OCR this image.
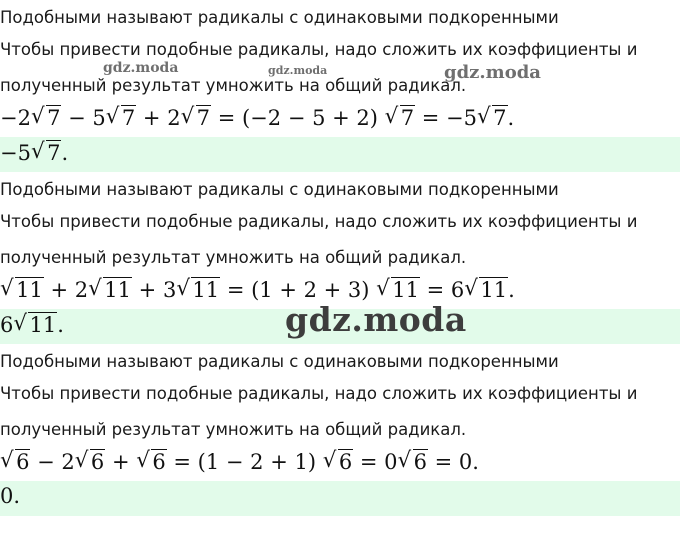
Подобными называют радикалы с одинаковыми подкоренными

Чтобы привести подобные радикалы, надо сложить их коэффициенты и

полученный результат умножить на общий радикал.

−2 √ 7 − 5 √ 7 + 2 √ 7 = (−2 − 5 + 2) √ 7 = −5 √ 7.
−5 √ 7.

Подобными называют радикалы с одинаковыми подкоренными

Чтобы привести подобные радикалы, надо сложить их коэффициенты и

полученный результат умножить на общий радикал.

√ 11 + 2 √ 11 + 3 √ 11 = (1 + 2 + 3) √ 11 = 6 √ 11.
6 √ 11.

Подобными называют радикалы с одинаковыми подкоренными

Чтобы привести подобные радикалы, надо сложить их коэффициенты и

полученный результат умножить на общий радикал.

√ 6 − 2 √ 6 + √ 6 = (1 − 2 + 1) √ 6 = 0 √ 6 = 0.
0.
gdz.moda	gdz.moda	gdz.moda
gdz.moda
